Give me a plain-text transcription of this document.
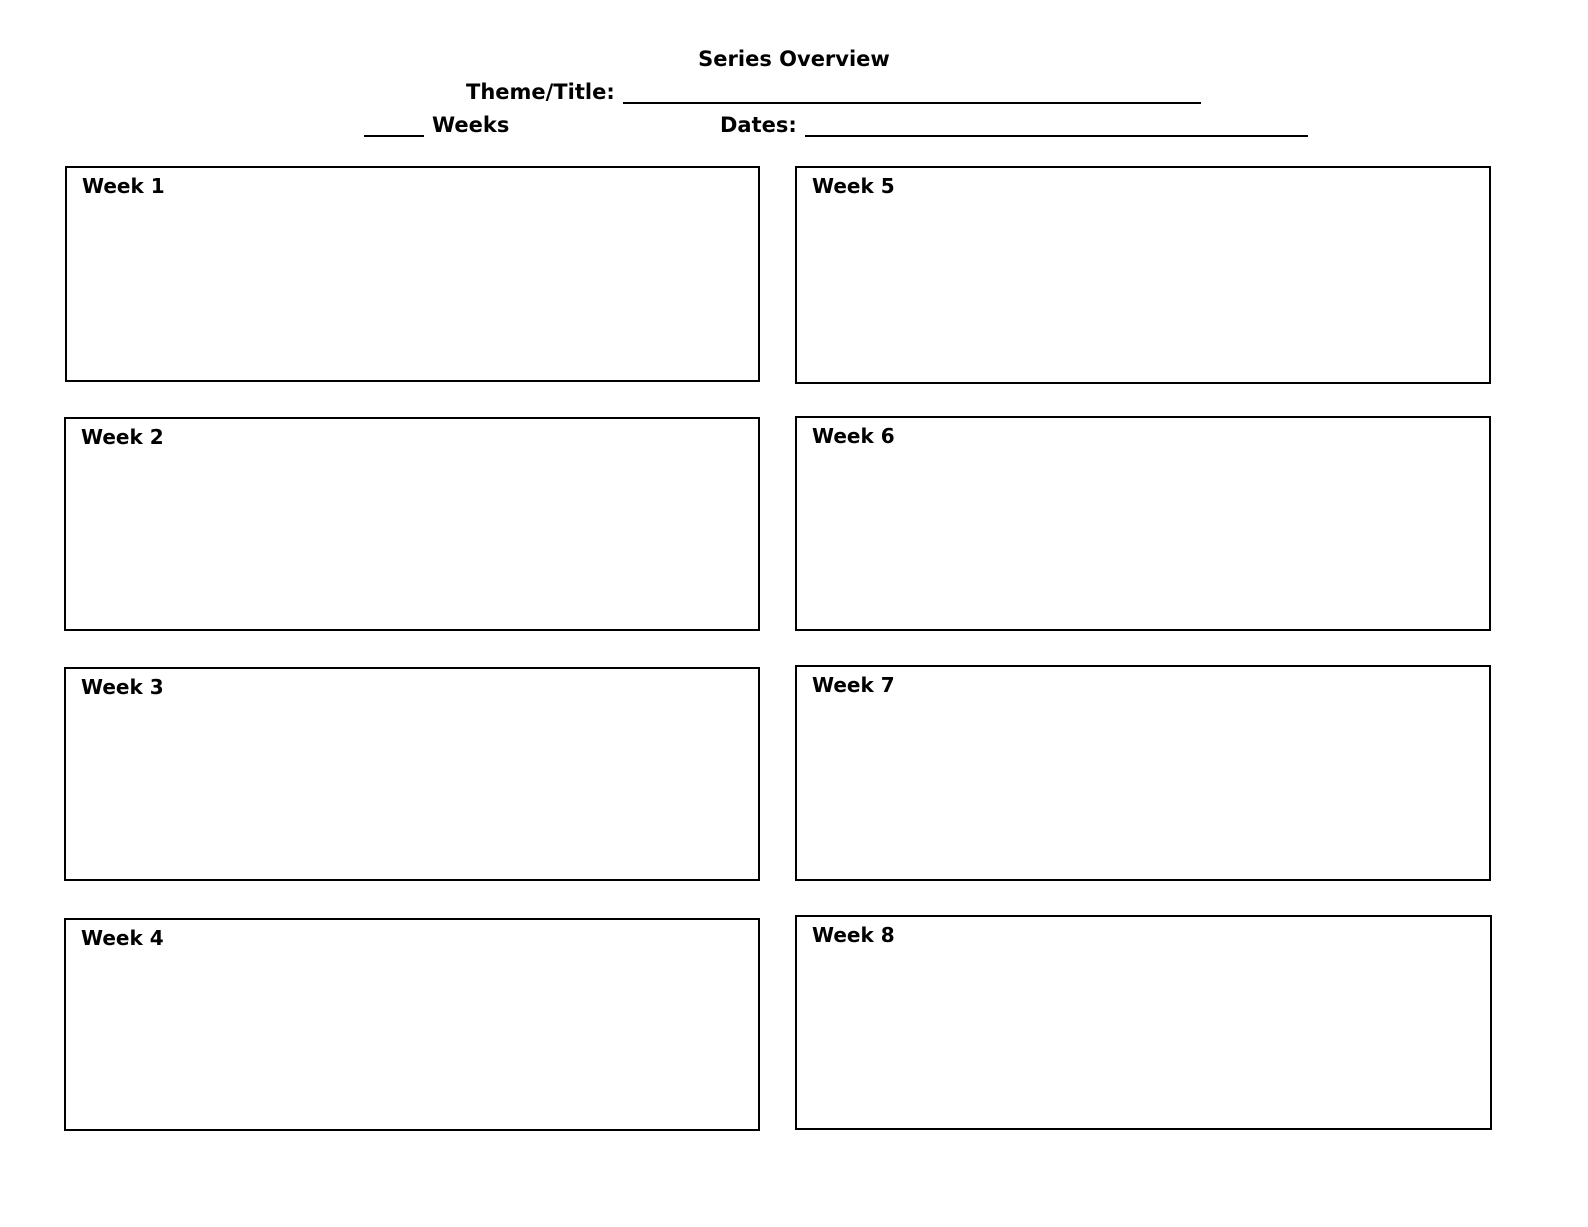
Series Overview
Theme/Title:
Weeks	Dates:
Week 1
Week 2
Week 3
Week 4
Week 5
Week 6
Week 7
Week 8
